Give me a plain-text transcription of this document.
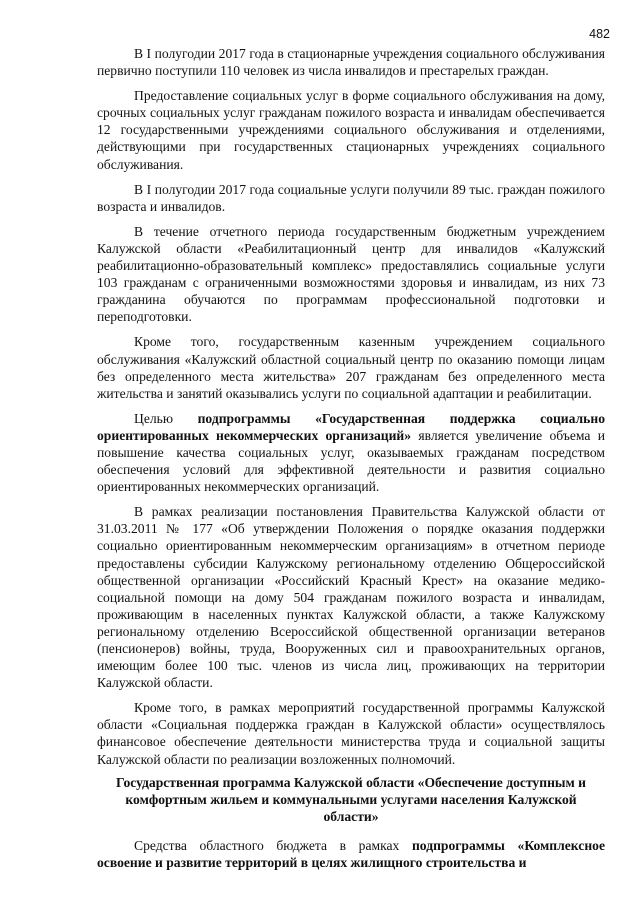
482

В I полугодии 2017 года в стационарные учреждения социального обслуживания первично поступили 110 человек из числа инвалидов и престарелых граждан.

Предоставление социальных услуг в форме социального обслуживания на дому, срочных социальных услуг гражданам пожилого возраста и инвалидам обеспечивается 12 государственными учреждениями социального обслуживания и отделениями, действующими при государственных стационарных учреждениях социального обслуживания.

В I полугодии 2017 года социальные услуги получили 89 тыс. граждан пожилого возраста и инвалидов.

В течение отчетного периода государственным бюджетным учреждением Калужской области «Реабилитационный центр для инвалидов «Калужский реабилитационно-образовательный комплекс» предоставлялись социальные услуги 103 гражданам с ограниченными возможностями здоровья и инвалидам, из них 73 гражданина обучаются по программам профессиональной подготовки и переподготовки.

Кроме того, государственным казенным учреждением социального обслуживания «Калужский областной социальный центр по оказанию помощи лицам без определенного места жительства» 207 гражданам без определенного места жительства и занятий оказывались услуги по социальной адаптации и реабилитации.

Целью подпрограммы «Государственная поддержка социально ориентированных некоммерческих организаций» является увеличение объема и повышение качества социальных услуг, оказываемых гражданам посредством обеспечения условий для эффективной деятельности и развития социально ориентированных некоммерческих организаций.

В рамках реализации постановления Правительства Калужской области от 31.03.2011 № 177 «Об утверждении Положения о порядке оказания поддержки социально ориентированным некоммерческим организациям» в отчетном периоде предоставлены субсидии Калужскому региональному отделению Общероссийской общественной организации «Российский Красный Крест» на оказание медико-социальной помощи на дому 504 гражданам пожилого возраста и инвалидам, проживающим в населенных пунктах Калужской области, а также Калужскому региональному отделению Всероссийской общественной организации ветеранов (пенсионеров) войны, труда, Вооруженных сил и правоохранительных органов, имеющим более 100 тыс. членов из числа лиц, проживающих на территории Калужской области.

Кроме того, в рамках мероприятий государственной программы Калужской области «Социальная поддержка граждан в Калужской области» осуществлялось финансовое обеспечение деятельности министерства труда и социальной защиты Калужской области по реализации возложенных полномочий.

Государственная программа Калужской области «Обеспечение доступным и комфортным жильем и коммунальными услугами населения Калужской области»

Средства областного бюджета в рамках подпрограммы «Комплексное освоение и развитие территорий в целях жилищного строительства и
